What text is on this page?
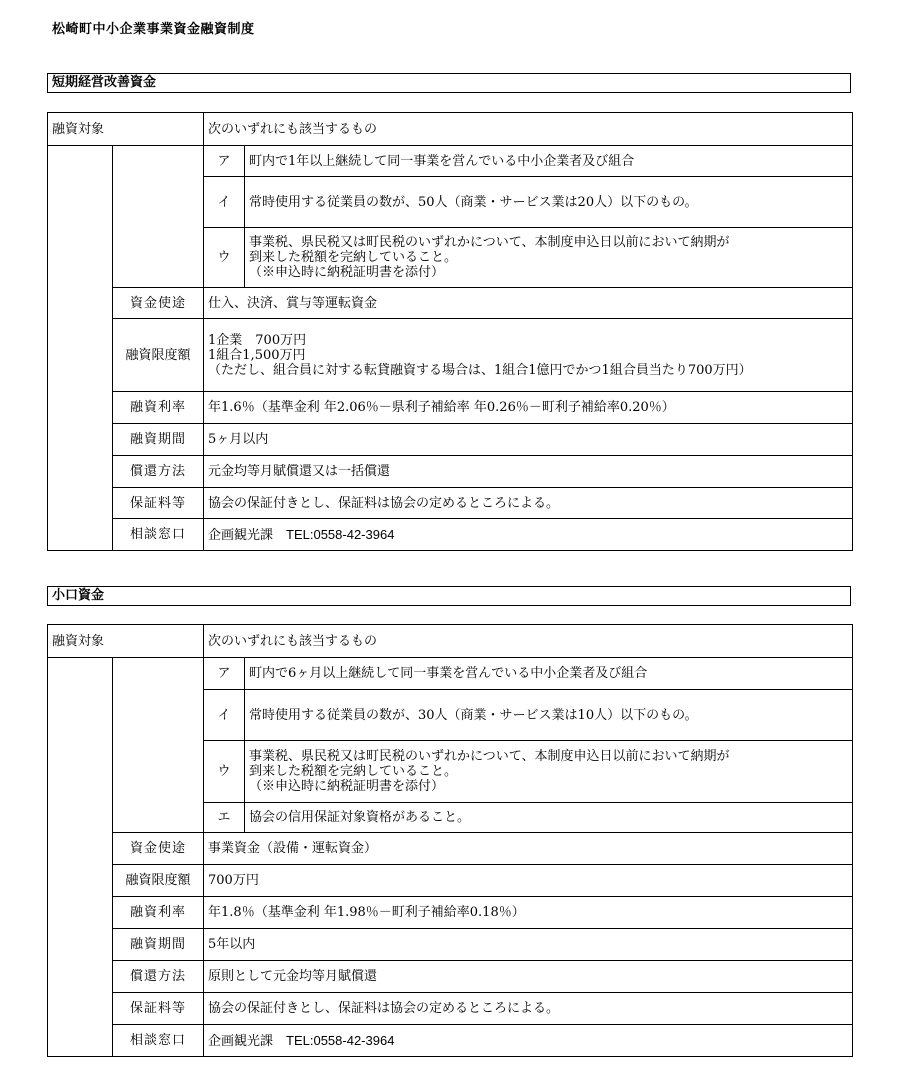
松崎町中小企業事業資金融資制度
短期経営改善資金
融資対象		次のいずれにも該当するもの	
		ア	町内で1年以上継続して同一事業を営んでいる中小企業者及び組合

		イ	常時使用する従業員の数が、50人（商業・サービス業は20人）以下のもの。

		ウ	事業税、県民税又は町民税のいずれかについて、本制度申込日以前において納期が
到来した税額を完納していること。
（※申込時に納税証明書を添付）

	資金使途	仕入、決済、賞与等運転資金	

	融資限度額	1企業　700万円
1組合1,500万円
（ただし、組合員に対する転貸融資する場合は、1組合1億円でかつ1組合員当たり700万円）	

	融資利率	年1.6％（基準金利 年2.06％－県利子補給率 年0.26％－町利子補給率0.20％）	

	融資期間	5ヶ月以内	

	償還方法	元金均等月賦償還又は一括償還	

	保証料等	協会の保証付きとし、保証料は協会の定めるところによる。	

	相談窓口	企画観光課　TEL:0558-42-3964	
小口資金
融資対象		次のいずれにも該当するもの	
		ア	町内で6ヶ月以上継続して同一事業を営んでいる中小企業者及び組合

		イ	常時使用する従業員の数が、30人（商業・サービス業は10人）以下のもの。

		ウ	事業税、県民税又は町民税のいずれかについて、本制度申込日以前において納期が
到来した税額を完納していること。
（※申込時に納税証明書を添付）

		エ	協会の信用保証対象資格があること。

	資金使途	事業資金（設備・運転資金）	

	融資限度額	700万円	

	融資利率	年1.8％（基準金利 年1.98％－町利子補給率0.18％）	

	融資期間	5年以内	

	償還方法	原則として元金均等月賦償還	

	保証料等	協会の保証付きとし、保証料は協会の定めるところによる。	

	相談窓口	企画観光課　TEL:0558-42-3964	
